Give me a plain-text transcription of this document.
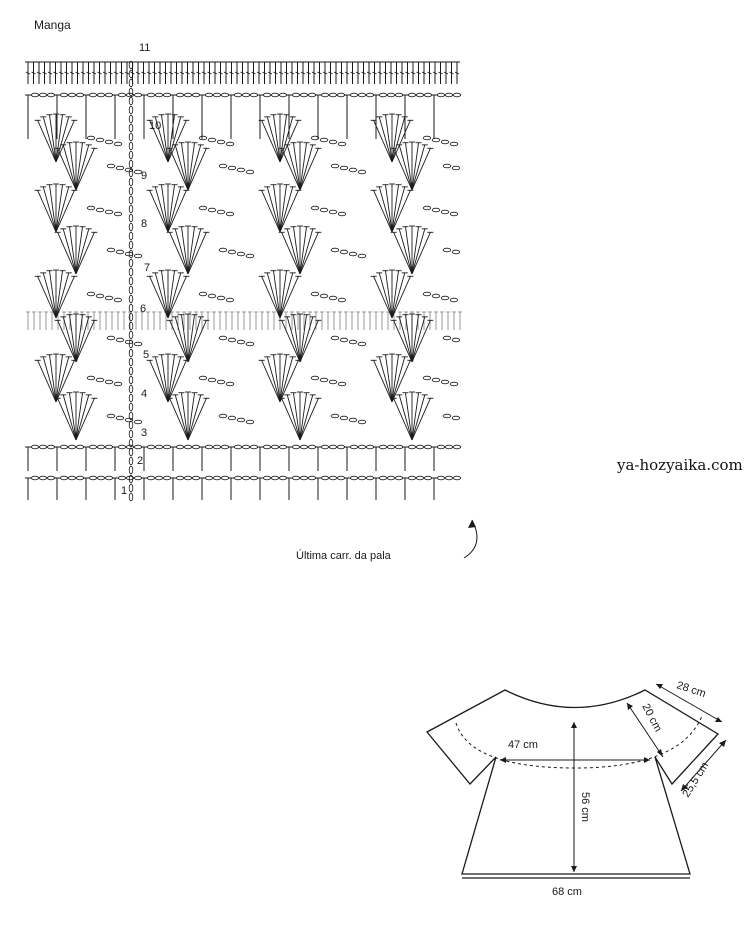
Manga
1
2
3
4
5
6
7
8
9
10
11
Última carr. da pala
ya-hozyaika.com
47 cm
56 cm
68 cm
28 cm
20 cm
25,5 cm
